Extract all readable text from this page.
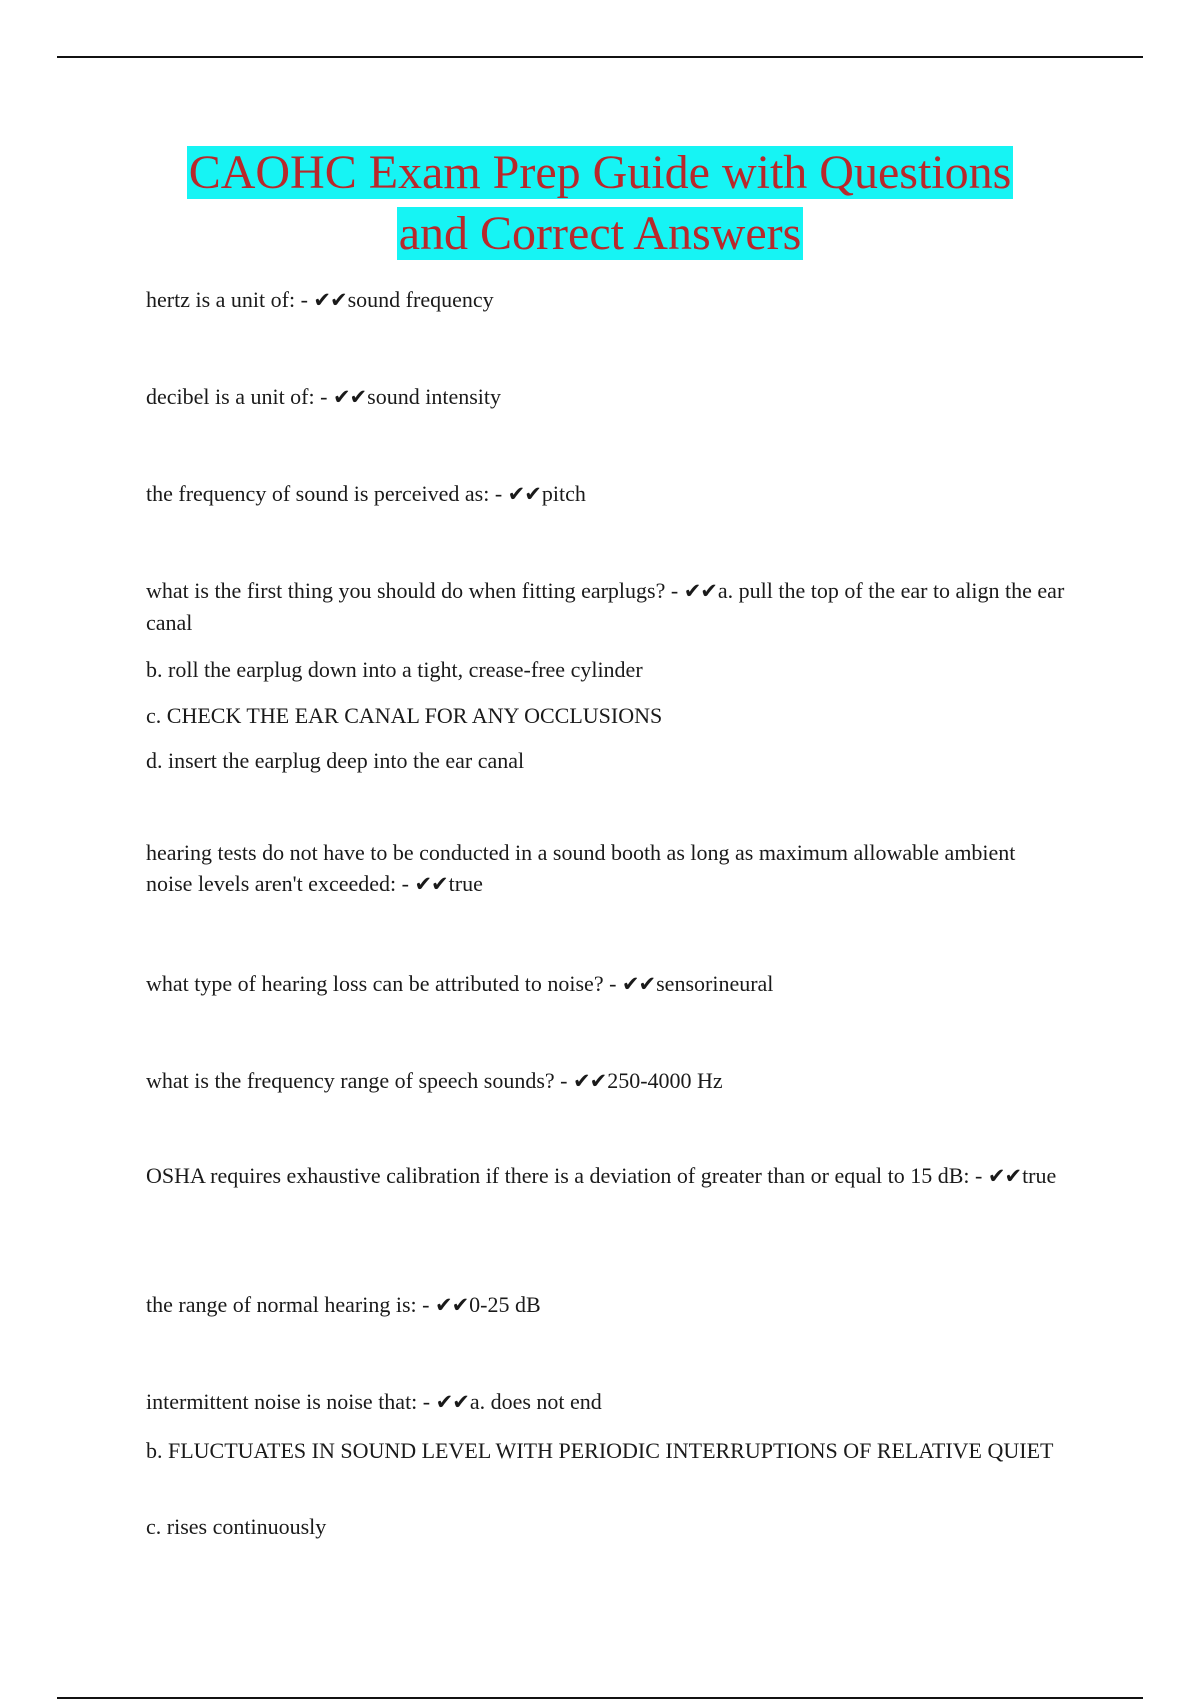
CAOHC Exam Prep Guide with Questions
and Correct Answers

hertz is a unit of: - ✔✔sound frequency

decibel is a unit of: - ✔✔sound intensity

the frequency of sound is perceived as: - ✔✔pitch

what is the first thing you should do when fitting earplugs? - ✔✔a. pull the top of the ear to align the ear canal

b. roll the earplug down into a tight, crease-free cylinder

c. CHECK THE EAR CANAL FOR ANY OCCLUSIONS

d. insert the earplug deep into the ear canal

hearing tests do not have to be conducted in a sound booth as long as maximum allowable ambient noise levels aren't exceeded: - ✔✔true

what type of hearing loss can be attributed to noise? - ✔✔sensorineural

what is the frequency range of speech sounds? - ✔✔250-4000 Hz

OSHA requires exhaustive calibration if there is a deviation of greater than or equal to 15 dB: - ✔✔true

the range of normal hearing is: - ✔✔0-25 dB

intermittent noise is noise that: - ✔✔a. does not end

b. FLUCTUATES IN SOUND LEVEL WITH PERIODIC INTERRUPTIONS OF RELATIVE QUIET

c. rises continuously
